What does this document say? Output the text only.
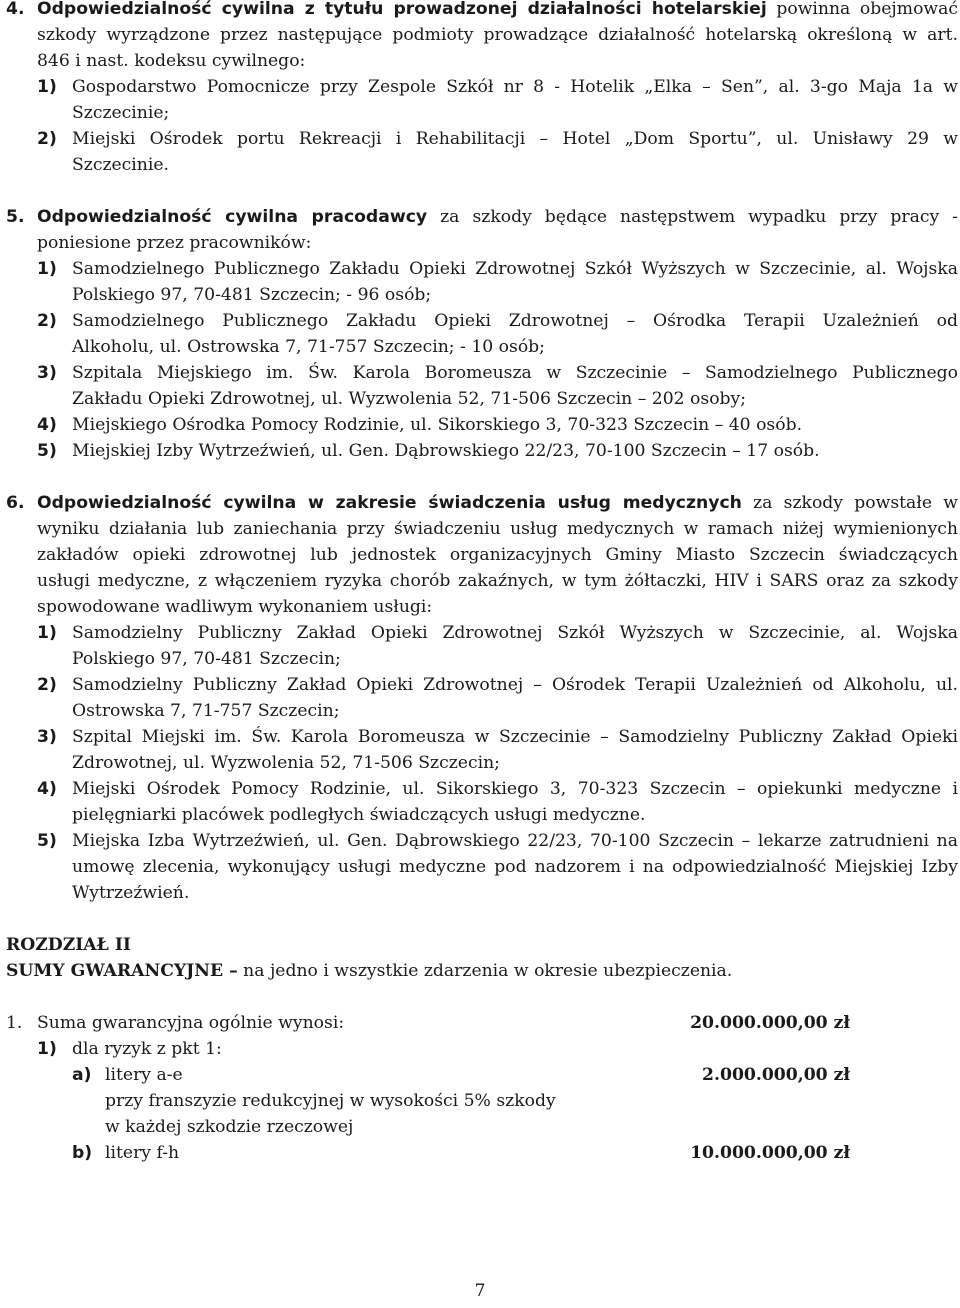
4. Odpowiedzialność cywilna z tytułu prowadzonej działalności hotelarskiej powinna obejmować
szkody wyrządzone przez następujące podmioty prowadzące działalność hotelarską określoną w art.
846 i nast. kodeksu cywilnego:
1) Gospodarstwo Pomocnicze przy Zespole Szkół nr 8 - Hotelik „Elka – Sen”, al. 3-go Maja 1a w
Szczecinie;
2) Miejski Ośrodek portu Rekreacji i Rehabilitacji – Hotel „Dom Sportu”, ul. Unisławy 29 w
Szczecinie.
5. Odpowiedzialność cywilna pracodawcy za szkody będące następstwem wypadku przy pracy -
poniesione przez pracowników:
1) Samodzielnego Publicznego Zakładu Opieki Zdrowotnej Szkół Wyższych w Szczecinie, al. Wojska
Polskiego 97, 70-481 Szczecin; - 96 osób;
2) Samodzielnego Publicznego Zakładu Opieki Zdrowotnej – Ośrodka Terapii Uzależnień od
Alkoholu, ul. Ostrowska 7, 71-757 Szczecin; - 10 osób;
3) Szpitala Miejskiego im. Św. Karola Boromeusza w Szczecinie – Samodzielnego Publicznego
Zakładu Opieki Zdrowotnej, ul. Wyzwolenia 52, 71-506 Szczecin – 202 osoby;
4) Miejskiego Ośrodka Pomocy Rodzinie, ul. Sikorskiego 3, 70-323 Szczecin – 40 osób.
5) Miejskiej Izby Wytrzeźwień, ul. Gen. Dąbrowskiego 22/23, 70-100 Szczecin – 17 osób.
6. Odpowiedzialność cywilna w zakresie świadczenia usług medycznych za szkody powstałe w
wyniku działania lub zaniechania przy świadczeniu usług medycznych w ramach niżej wymienionych
zakładów opieki zdrowotnej lub jednostek organizacyjnych Gminy Miasto Szczecin świadczących
usługi medyczne, z włączeniem ryzyka chorób zakaźnych, w tym żółtaczki, HIV i SARS oraz za szkody
spowodowane wadliwym wykonaniem usługi:
1) Samodzielny Publiczny Zakład Opieki Zdrowotnej Szkół Wyższych w Szczecinie, al. Wojska
Polskiego 97, 70-481 Szczecin;
2) Samodzielny Publiczny Zakład Opieki Zdrowotnej – Ośrodek Terapii Uzależnień od Alkoholu, ul.
Ostrowska 7, 71-757 Szczecin;
3) Szpital Miejski im. Św. Karola Boromeusza w Szczecinie – Samodzielny Publiczny Zakład Opieki
Zdrowotnej, ul. Wyzwolenia 52, 71-506 Szczecin;
4) Miejski Ośrodek Pomocy Rodzinie, ul. Sikorskiego 3, 70-323 Szczecin – opiekunki medyczne i
pielęgniarki placówek podległych świadczących usługi medyczne.
5) Miejska Izba Wytrzeźwień, ul. Gen. Dąbrowskiego 22/23, 70-100 Szczecin – lekarze zatrudnieni na
umowę zlecenia, wykonujący usługi medyczne pod nadzorem i na odpowiedzialność Miejskiej Izby
Wytrzeźwień.
ROZDZIAŁ II
SUMY GWARANCYJNE – na jedno i wszystkie zdarzenia w okresie ubezpieczenia.
1. Suma gwarancyjna ogólnie wynosi:	20.000.000,00 zł
1) dla ryzyk z pkt 1:
a) litery a-e	2.000.000,00 zł
przy franszyzie redukcyjnej w wysokości 5% szkody
w każdej szkodzie rzeczowej
b) litery f-h	10.000.000,00 zł
7
